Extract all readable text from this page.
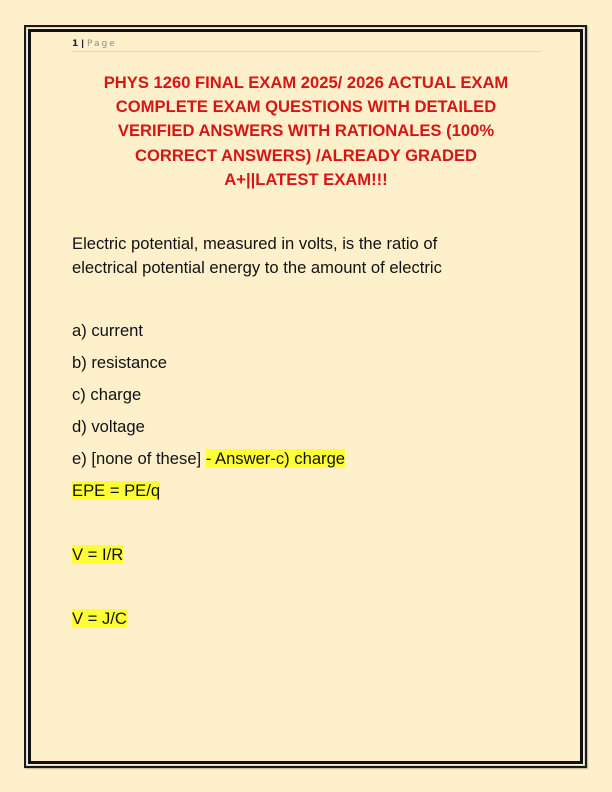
1 | Page
PHYS 1260 FINAL EXAM 2025/ 2026 ACTUAL EXAM
COMPLETE EXAM QUESTIONS WITH DETAILED
VERIFIED ANSWERS WITH RATIONALES (100%
CORRECT ANSWERS) /ALREADY GRADED
A+||LATEST EXAM!!!
Electric potential, measured in volts, is the ratio of
electrical potential energy to the amount of electric
a) current
b) resistance
c) charge
d) voltage
e) [none of these] - Answer-c) charge
EPE = PE/q
V = I/R
V = J/C
